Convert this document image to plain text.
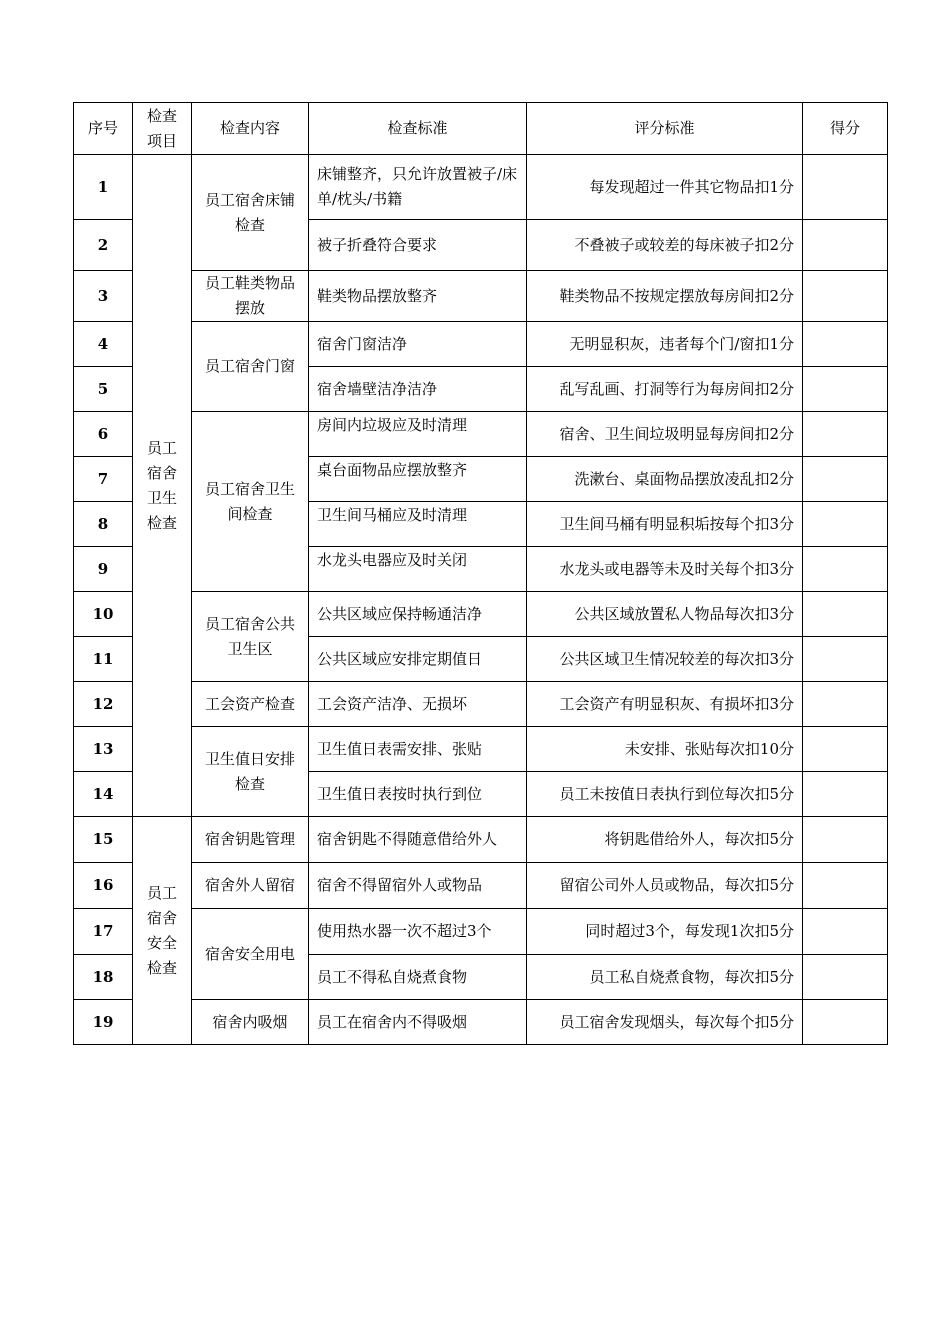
序号	检查项目	检查内容	检查标准	评分标准	得分
1	员工宿舍卫生检查	员工宿舍床铺检查	床铺整齐，只允许放置被子/床单/枕头/书籍	每发现超过一件其它物品扣1分	
2			被子折叠符合要求	不叠被子或较差的每床被子扣2分	
3		员工鞋类物品摆放	鞋类物品摆放整齐	鞋类物品不按规定摆放每房间扣2分	
4		员工宿舍门窗	宿舍门窗洁净	无明显积灰，违者每个门/窗扣1分	
5			宿舍墙壁洁净洁净	乱写乱画、打洞等行为每房间扣2分	
6		员工宿舍卫生间检查	房间内垃圾应及时清理	宿舍、卫生间垃圾明显每房间扣2分	
7			桌台面物品应摆放整齐	洗漱台、桌面物品摆放凌乱扣2分	
8			卫生间马桶应及时清理	卫生间马桶有明显积垢按每个扣3分	
9			水龙头电器应及时关闭	水龙头或电器等未及时关每个扣3分	
10		员工宿舍公共卫生区	公共区域应保持畅通洁净	公共区域放置私人物品每次扣3分	
11			公共区域应安排定期值日	公共区域卫生情况较差的每次扣3分	
12		工会资产检查	工会资产洁净、无损坏	工会资产有明显积灰、有损坏扣3分	
13		卫生值日安排检查	卫生值日表需安排、张贴	未安排、张贴每次扣10分	
14			卫生值日表按时执行到位	员工未按值日表执行到位每次扣5分	
15	员工宿舍安全检查	宿舍钥匙管理	宿舍钥匙不得随意借给外人	将钥匙借给外人，每次扣5分	
16		宿舍外人留宿	宿舍不得留宿外人或物品	留宿公司外人员或物品，每次扣5分	
17		宿舍安全用电	使用热水器一次不超过3个	同时超过3个，每发现1次扣5分	
18			员工不得私自烧煮食物	员工私自烧煮食物，每次扣5分	
19		宿舍内吸烟	员工在宿舍内不得吸烟	员工宿舍发现烟头，每次每个扣5分	
